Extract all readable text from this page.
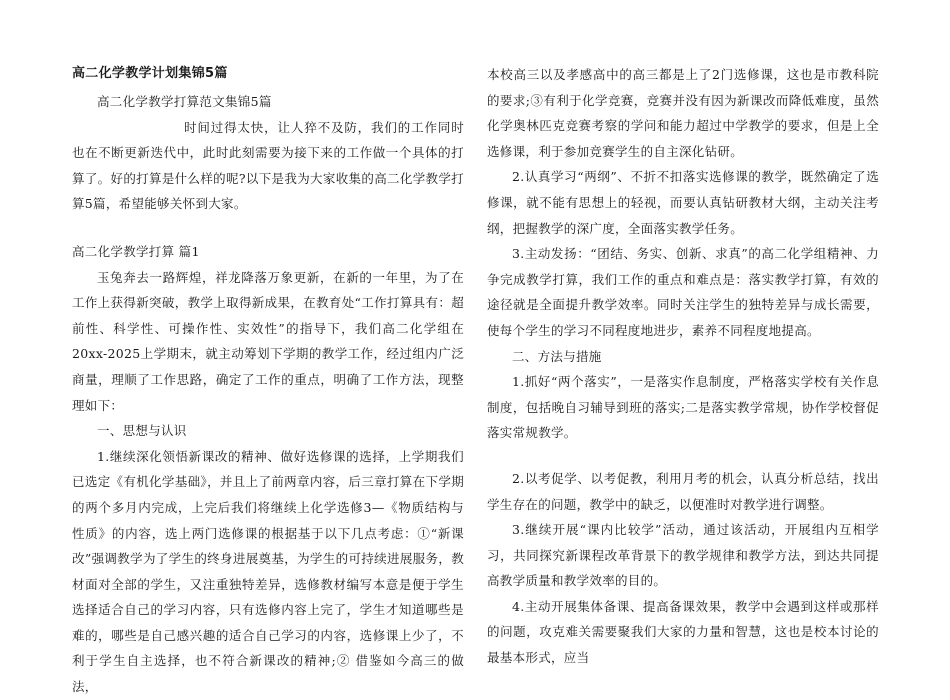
高二化学教学计划集锦5篇

高二化学教学打算范文集锦5篇

时间过得太快，让人猝不及防，我们的工作同时也在不断更新迭代中，此时此刻需要为接下来的工作做一个具体的打算了。好的打算是什么样的呢?以下是我为大家收集的高二化学教学打算5篇，希望能够关怀到大家。

高二化学教学打算 篇1

玉兔奔去一路辉煌，祥龙降落万象更新，在新的一年里，为了在工作上获得新突破，教学上取得新成果，在教育处“工作打算具有：超前性、科学性、可操作性、实效性”的指导下，我们高二化学组在20xx-2025上学期末，就主动筹划下学期的教学工作，经过组内广泛商量，理顺了工作思路，确定了工作的重点，明确了工作方法，现整理如下：

一、思想与认识

1.继续深化领悟新课改的精神、做好选修课的选择，上学期我们已选定《有机化学基础》，并且上了前两章内容，后三章打算在下学期的两个多月内完成，上完后我们将继续上化学选修3—《物质结构与性质》的内容，选上两门选修课的根据基于以下几点考虑：①“新课改”强调教学为了学生的终身进展奠基，为学生的可持续进展服务，教材面对全部的学生，又注重独特差异，选修教材编写本意是便于学生选择适合自己的学习内容，只有选修内容上完了，学生才知道哪些是难的，哪些是自己感兴趣的适合自己学习的内容，选修课上少了，不利于学生自主选择，也不符合新课改的精神;② 借鉴如今高三的做法，

本校高三以及孝感高中的高三都是上了2门选修课，这也是市教科院的要求;③有利于化学竞赛，竞赛并没有因为新课改而降低难度，虽然化学奥林匹克竞赛考察的学问和能力超过中学教学的要求，但是上全选修课，利于参加竞赛学生的自主深化钻研。

2.认真学习“两纲”、不折不扣落实选修课的教学，既然确定了选修课，就不能有思想上的轻视，而要认真钻研教材大纲，主动关注考纲，把握教学的深广度，全面落实教学任务。

3.主动发扬：“团结、务实、创新、求真”的高二化学组精神、力争完成教学打算，我们工作的重点和难点是：落实教学打算，有效的途径就是全面提升教学效率。同时关注学生的独特差异与成长需要，使每个学生的学习不同程度地进步，素养不同程度地提高。

二、方法与措施

1.抓好“两个落实”，一是落实作息制度，严格落实学校有关作息制度，包括晚自习辅导到班的落实;二是落实教学常规，协作学校督促落实常规教学。

2.以考促学、以考促教，利用月考的机会，认真分析总结，找出学生存在的问题，教学中的缺乏，以便准时对教学进行调整。

3.继续开展“课内比较学”活动，通过该活动，开展组内互相学习，共同探究新课程改革背景下的教学规律和教学方法，到达共同提高教学质量和教学效率的目的。

4.主动开展集体备课、提高备课效果，教学中会遇到这样或那样的问题，攻克难关需要聚我们大家的力量和智慧，这也是校本讨论的最基本形式，应当
